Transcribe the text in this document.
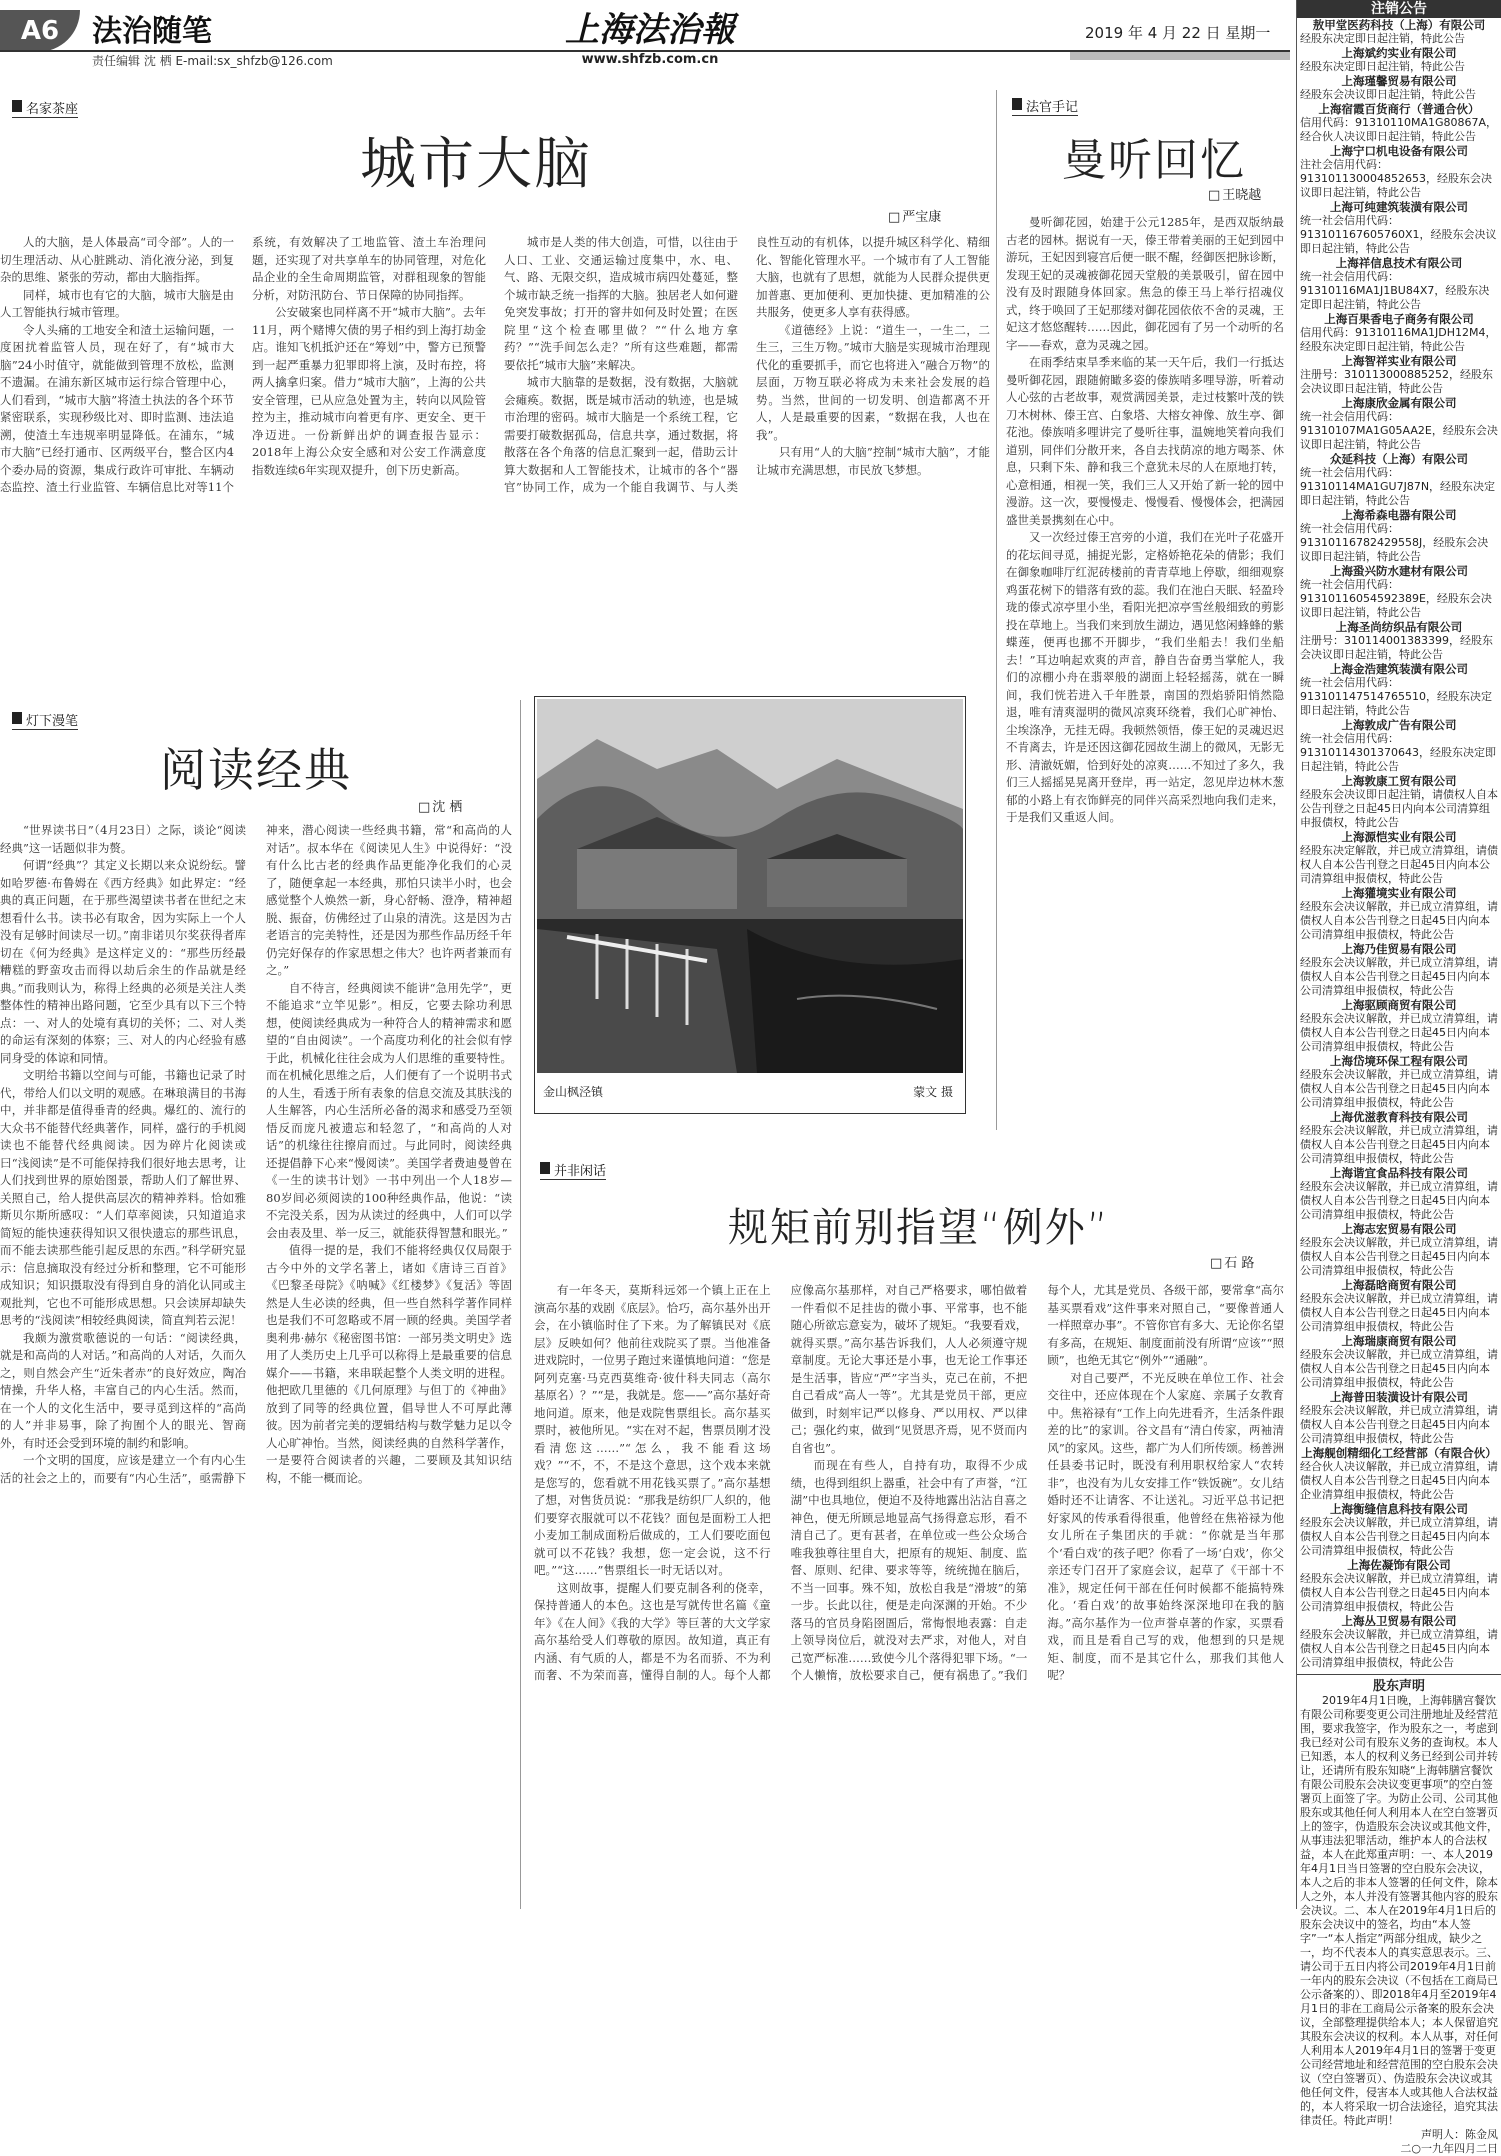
A6	法治随笔
责任编辑 沈 栖 E-mail:sx_shfzb@126.com
上海法治報
www.shfzb.com.cn
2019 年 4 月 22 日 星期一
名家茶座
城市大脑
□ 严宝康

人的大脑，是人体最高“司令部”。人的一切生理活动、从心脏跳动、消化液分泌，到复杂的思维、紧张的劳动，都由大脑指挥。

同样，城市也有它的大脑，城市大脑是由人工智能执行城市管理。

令人头痛的工地安全和渣土运输问题，一度困扰着监管人员，现在好了，有“城市大脑”24小时值守，就能做到管理不放松，监测不遗漏。在浦东新区城市运行综合管理中心，人们看到，“城市大脑”将渣土执法的各个环节紧密联系，实现秒级比对、即时监测、违法追溯，使渣土车违规率明显降低。在浦东，“城市大脑”已经打通市、区两级平台，整合区内4个委办局的资源，集成行政许可审批、车辆动态监控、渣土行业监管、车辆信息比对等11个系统，有效解决了工地监管、渣土车治理问题，还实现了对共享单车的协同管理，对危化品企业的全生命周期监管，对群租现象的智能分析，对防汛防台、节日保障的协同指挥。

公安破案也同样离不开“城市大脑”。去年11月，两个赌博欠债的男子相约到上海打劫金店。谁知飞机抵沪还在“筹划”中，警方已预警到一起严重暴力犯罪即将上演，及时布控，将两人擒拿归案。借力“城市大脑”，上海的公共安全管理，已从应急处置为主，转向以风险管控为主，推动城市向着更有序、更安全、更干净迈进。一份新鲜出炉的调查报告显示：2018年上海公众安全感和对公安工作满意度指数连续6年实现双提升，创下历史新高。

城市是人类的伟大创造，可惜，以往由于人口、工业、交通运输过度集中，水、电、气、路、无限交织，造成城市病四处蔓延，整个城市缺乏统一指挥的大脑。独居老人如何避免突发事故；打开的窨井如何及时处置；在医院里“这个检查哪里做？”“什么地方拿药？”“洗手间怎么走？”所有这些难题，都需要依托“城市大脑”来解决。

城市大脑靠的是数据，没有数据，大脑就会瘫痪。数据，既是城市活动的轨迹，也是城市治理的密码。城市大脑是一个系统工程，它需要打破数据孤岛，信息共享，通过数据，将散落在各个角落的信息汇聚到一起，借助云计算大数据和人工智能技术，让城市的各个“器官”协同工作，成为一个能自我调节、与人类良性互动的有机体，以提升城区科学化、精细化、智能化管理水平。一个城市有了人工智能大脑，也就有了思想，就能为人民群众提供更加普惠、更加便利、更加快捷、更加精准的公共服务，使更多人享有获得感。

《道德经》上说：“道生一，一生二，二生三，三生万物。”城市大脑是实现城市治理现代化的重要抓手，而它也将进入“融合万物”的层面，万物互联必将成为未来社会发展的趋势。当然，世间的一切发明、创造都离不开人，人是最重要的因素，“数据在我，人也在我”。

只有用“人的大脑”控制“城市大脑”，才能让城市充满思想，市民放飞梦想。

法官手记
曼听回忆
□ 王晓越

曼听御花园，始建于公元1285年，是西双版纳最古老的园林。据说有一天，傣王带着美丽的王妃到园中游玩，王妃因到寝宫后便一眠不醒，经御医把脉诊断，发现王妃的灵魂被御花园天堂般的美景吸引，留在园中没有及时跟随身体回家。焦急的傣王马上举行招魂仪式，终于唤回了王妃那缕对御花园依依不舍的灵魂，王妃这才悠悠醒转……因此，御花园有了另一个动听的名字——春欢，意为灵魂之园。

在雨季结束旱季来临的某一天午后，我们一行抵达曼听御花园，跟随俯瞰多姿的傣族哨多哩导游，听着动人心弦的古老故事，观赏满园美景，走过枝繁叶茂的铁刀木树林、傣王宫、白象塔、大榕女神像、放生亭、御花池。傣族哨多哩讲完了曼听往事，温婉地笑着向我们道别，同伴们分散开来，各自去找荫凉的地方喝茶、休息，只剩下朱、静和我三个意犹未尽的人在原地打转，心意相通，相视一笑，我们三人又开始了新一轮的园中漫游。这一次，要慢慢走、慢慢看、慢慢体会，把满园盛世美景携刻在心中。

又一次经过傣王宫旁的小道，我们在光叶子花盛开的花坛间寻觅，捕捉光影，定格娇艳花朵的倩影；我们在御象咖啡厅红泥砖楼前的青青草地上停歇，细细观察鸡蛋花树下的错落有致的蕊。我们在池白天眠、轻盈玲珑的傣式凉亭里小坐，看阳光把凉亭雪丝般细致的剪影投在草地上。当我们来到放生湖边，遇见悠闲蜂蜂的紫蝶莲，便再也挪不开脚步，“我们坐船去！我们坐船去！”耳边响起欢爽的声音，静自告奋勇当掌舵人，我们的凉棚小舟在翡翠般的湖面上轻轻摇荡，就在一瞬间，我们恍若进入千年胜景，南国的烈焰骄阳悄然隐退，唯有清爽湿明的微风凉爽环绕着，我们心旷神怡、尘埃涤净，无挂无碍。我顿然领悟，傣王妃的灵魂迟迟不肯离去，许是还因这御花园故生湖上的微风，无影无形、清澈妩媚，恰到好处的凉爽……不知过了多久，我们三人摇摇晃晃离开登岸，再一站定，忽见岸边林木葱郁的小路上有衣饰鲜亮的同伴兴高采烈地向我们走来，于是我们又重返人间。

灯下漫笔
阅读经典
□ 沈 栖

“世界读书日”（4月23日）之际，谈论“阅读经典”这一话题似非为赘。

何谓“经典”？其定义长期以来众说纷纭。譬如哈罗德·布鲁姆在《西方经典》如此界定：“经典的真正问题，在于那些渴望读书者在世纪之末想看什么书。读书必有取舍，因为实际上一个人没有足够时间读尽一切。”南非诺贝尔奖获得者库切在《何为经典》是这样定义的：“那些历经最糟糕的野蛮攻击而得以劫后余生的作品就是经典。”而我则认为，称得上经典的必须是关注人类整体性的精神出路问题，它至少具有以下三个特点：一、对人的处境有真切的关怀；二、对人类的命运有深刻的体察；三、对人的内心经验有感同身受的体谅和同情。

文明给书籍以空间与可能，书籍也记录了时代，带给人们以文明的观感。在琳琅满目的书海中，并非都是值得垂青的经典。爆红的、流行的大众书不能替代经典著作，同样，盛行的手机阅读也不能替代经典阅读。因为碎片化阅读或曰“浅阅读”是不可能保持我们很好地去思考，让人们找到世界的原始图景，帮助人们了解世界、关照自己，给人提供高层次的精神养料。恰如雅斯贝尔斯所感叹：“人们草率阅读，只知道追求简短的能快速获得知识又很快遗忘的那些讯息，而不能去读那些能引起反思的东西。”科学研究显示：信息摘取没有经过分析和整理，它不可能形成知识；知识摄取没有得到自身的消化认同或主观批判，它也不可能形成思想。只会读屏却缺失思考的“浅阅读”相较经典阅读，简直判若云泥！

我颇为激赏歌德说的一句话：“阅读经典，就是和高尚的人对话。”和高尚的人对话，久而久之，则自然会产生“近朱者赤”的良好效应，陶冶情操，升华人格，丰富自己的内心生活。然而，在一个人的文化生活中，要寻觅到这样的“高尚的人”并非易事，除了拘囿个人的眼光、智商外，有时还会受到环境的制约和影响。

一个文明的国度，应该是建立一个有内心生活的社会之上的，而要有“内心生活”，亟需静下神来，潜心阅读一些经典书籍，常“和高尚的人对话”。叔本华在《阅读见人生》中说得好：“没有什么比古老的经典作品更能净化我们的心灵了，随便拿起一本经典，那怕只读半小时，也会感觉整个人焕然一新，身心舒畅、澄净，精神超脱、振奋，仿佛经过了山泉的清洗。这是因为古老语言的完美特性，还是因为那些作品历经千年仍完好保存的作家思想之伟大？也许两者兼而有之。”

自不待言，经典阅读不能讲“急用先学”，更不能追求“立竿见影”。相反，它要去除功利思想，使阅读经典成为一种符合人的精神需求和愿望的“自由阅读”。一个高度功利化的社会似有悖于此，机械化往往会成为人们思维的重要特性。而在机械化思维之后，人们便有了一个说明书式的人生，看透于所有表象的信息交流及其肤浅的人生解答，内心生活所必备的渴求和感受乃至领悟反而庞凡被遗忘和轻忽了，“和高尚的人对话”的机缘往往擦肩而过。与此同时，阅读经典还提倡静下心来“慢阅读”。美国学者费迪曼曾在《一生的读书计划》一书中列出一个人18岁—80岁间必须阅读的100种经典作品，他说：“读不完没关系，因为从读过的经典中，人们可以学会由表及里、举一反三，就能获得智慧和眼光。”

值得一提的是，我们不能将经典仅仅局限于古今中外的文学名著上，诸如《唐诗三百首》《巴黎圣母院》《呐喊》《红楼梦》《复活》等固然是人生必读的经典，但一些自然科学著作同样也是我们不可忽略或不屑一顾的经典。美国学者奥利弗·赫尔《秘密图书馆：一部另类文明史》选用了人类历史上几乎可以称得上是最重要的信息媒介——书籍，来串联起整个人类文明的进程。他把欧几里德的《几何原理》与但丁的《神曲》放到了同等的经典位置，倡导世人不可厚此薄彼。因为前者完美的逻辑结构与数学魅力足以令人心旷神怡。当然，阅读经典的自然科学著作，一是要符合阅读者的兴趣，二要顾及其知识结构，不能一概而论。

金山枫泾镇	蒙文 摄
并非闲话
规矩前别指望“例外”
□ 石 路

有一年冬天，莫斯科远郊一个镇上正在上演高尔基的戏剧《底层》。恰巧，高尔基外出开会，在小镇临时住了下来。为了解镇民对《底层》反映如何？他前往戏院买了票。当他准备进戏院时，一位男子跑过来谨慎地问道：“您是阿列克塞·马克西莫维奇·彼什科夫同志（高尔基原名）？”“是，我就是。您——”高尔基好奇地问道。原来，他是戏院售票组长。高尔基买票时，被他所见。“实在对不起，售票员刚才没看清您这……”“怎么，我不能看这场戏？”“不，不，不是这个意思，这个戏本来就是您写的，您看就不用花钱买票了。”高尔基想了想，对售货员说：“那我是纺织厂人织的，他们要穿衣服就可以不花钱？面包是面粉工人把小麦加工制成面粉后做成的，工人们要吃面包就可以不花钱？我想，您一定会说，这不行吧。”“这……”售票组长一时无话以对。

这则故事，提醒人们要克制各利的侥幸，保持普通人的本色。这也是写就传世名篇《童年》《在人间》《我的大学》等巨著的大文学家高尔基给受人们尊敬的原因。故知道，真正有内涵、有气质的人，都是不为名而骄、不为利而奢、不为荣而喜，懂得自制的人。每个人都应像高尔基那样，对自己严格要求，哪怕做着一件看似不足挂齿的微小事、平常事，也不能随心所欲忘意妄为，破坏了规矩。“我要看戏，就得买票。”高尔基告诉我们，人人必须遵守规章制度。无论大事还是小事，也无论工作事还是生活事，皆应“严”字当头，克己在前，不把自己看成“高人一等”。尤其是党员干部，更应做到，时刻牢记严以修身、严以用权、严以律己；强化约束，做到“见贤思齐焉，见不贤而内自省也”。

而现在有些人，自持有功，取得不少成绩，也得到组织上器重，社会中有了声誉，“江湖”中也具地位，便迫不及待地露出沾沾自喜之神色，便无所顾忌地显高气扬得意忘形，看不清自己了。更有甚者，在单位或一些公众场合唯我独尊往里自大，把原有的规矩、制度、监督、原则、纪律、要求等等，统统抛在脑后，不当一回事。殊不知，放松自我是“滑坡”的第一步。长此以往，便是走向深渊的开始。不少落马的官员身陷囹圄后，常悔恨地表露：自走上领导岗位后，就没对去严求，对他人，对自己宽严标准……致使今儿个落得犯罪下场。“一个人懒惰，放松要求自己，便有祸患了。”我们每个人，尤其是党员、各级干部，要常拿“高尔基买票看戏”这件事来对照自己，“要像普通人一样照章办事”。不管你官有多大、无论你名望有多高，在规矩、制度面前没有所谓“应该”“照顾”，也绝无其它“例外”“通融”。

对自己要严，不光反映在单位工作、社会交往中，还应体现在个人家庭、亲属子女教育中。焦裕禄有“工作上向先进看齐，生活条件跟差的比”的家训。谷文昌有“清白传家，两袖清风”的家风。这些，都广为人们所传颂。杨善洲任县委书记时，既没有利用职权给家人“农转非”，也没有为儿女安排工作“铁饭碗”。女儿结婚时还不让请客、不让送礼。习近平总书记把好家风的传承看得很重，他曾经在焦裕禄为他女儿所在子集团庆的手就：“你就是当年那个‘看白戏’的孩子吧？你看了一场‘白戏’，你父亲还专门召开了家庭会议，起草了《干部十不准》，规定任何干部在任何时候都不能搞特殊化。‘看白戏’的故事始终深深地印在我的脑海。”高尔基作为一位声誉卓著的作家，买票看戏，而且是看自己写的戏，他想到的只是规矩、制度，而不是其它什么，那我们其他人呢？

注销公告
敖甲堂医药科技（上海）有限公司
经股东决定即日起注销，特此公告
上海斌约实业有限公司
经股东决定即日起注销，特此公告
上海瑾馨贸易有限公司
经股东会决议即日起注销，特此公告
上海宿霞百货商行（普通合伙）
信用代码：91310110MA1G80867A，经合伙人决议即日起注销，特此公告
上海宁口机电设备有限公司
注社会信用代码：913101130004852653，经股东会决议即日起注销，特此公告
上海可纯建筑装潢有限公司
统一社会信用代码：913101167605760X1，经股东会决议即日起注销，特此公告
上海祥信息技术有限公司
统一社会信用代码：91310116MA1J1BU84X7，经股东决定即日起注销，特此公告
上海百果香电子商务有限公司
信用代码：91310116MA1JDH12M4，经股东决定即日起注销，特此公告
上海智祥实业有限公司
注册号：310113000885252，经股东会决议即日起注销，特此公告
上海康欣金属有限公司
统一社会信用代码：91310107MA1G05AA2E，经股东会决议即日起注销，特此公告
众延科技（上海）有限公司
统一社会信用代码：91310114MA1GU7J87N，经股东决定即日起注销，特此公告
上海希森电器有限公司
统一社会信用代码：91310116782429558J，经股东会决议即日起注销，特此公告
上海蛩兴防水建材有限公司
统一社会信用代码：91310116054592389E，经股东会决议即日起注销，特此公告
上海圣尚纺织品有限公司
注册号：310114001383399，经股东会决议即日起注销，特此公告
上海金浩建筑装潢有限公司
统一社会信用代码：913101147514765510，经股东决定即日起注销，特此公告
上海敦成广告有限公司
统一社会信用代码：91310114301370643，经股东决定即日起注销，特此公告
上海敦康工贸有限公司
经股东会决议即日起注销，请债权人自本公告刊登之日起45日内向本公司清算组申报债权，特此公告
上海源恺实业有限公司
经股东决定解散，并已成立清算组，请债权人自本公告刊登之日起45日内向本公司清算组申报债权，特此公告
上海獾境实业有限公司
经股东会决议解散，并已成立清算组，请债权人自本公告刊登之日起45日内向本公司清算组申报债权，特此公告
上海乃佳贸易有限公司
经股东会决议解散，并已成立清算组，请债权人自本公告刊登之日起45日内向本公司清算组申报债权，特此公告
上海驱顾商贸有限公司
经股东会决议解散，并已成立清算组，请债权人自本公告刊登之日起45日内向本公司清算组申报债权，特此公告
上海岱境环保工程有限公司
经股东会决议解散，并已成立清算组，请债权人自本公告刊登之日起45日内向本公司清算组申报债权，特此公告
上海优滋教育科技有限公司
经股东会决议解散，并已成立清算组，请债权人自本公告刊登之日起45日内向本公司清算组申报债权，特此公告
上海谐宜食品科技有限公司
经股东会决议解散，并已成立清算组，请债权人自本公告刊登之日起45日内向本公司清算组申报债权，特此公告
上海志宏贸易有限公司
经股东会决议解散，并已成立清算组，请债权人自本公告刊登之日起45日内向本公司清算组申报债权，特此公告
上海磊晗商贸有限公司
经股东会决议解散，并已成立清算组，请债权人自本公告刊登之日起45日内向本公司清算组申报债权，特此公告
上海瑞康商贸有限公司
经股东会决议解散，并已成立清算组，请债权人自本公告刊登之日起45日内向本公司清算组申报债权，特此公告
上海普田装潢设计有限公司
经股东会决议解散，并已成立清算组，请债权人自本公告刊登之日起45日内向本公司清算组申报债权，特此公告
上海舰创精细化工经营部（有限合伙）
经合伙人决议解散，并已成立清算组，请债权人自本公告刊登之日起45日内向本企业清算组申报债权，特此公告
上海衡缝信息科技有限公司
经股东会决议解散，并已成立清算组，请债权人自本公告刊登之日起45日内向本公司清算组申报债权，特此公告
上海佐凝饰有限公司
经股东会决议解散，并已成立清算组，请债权人自本公告刊登之日起45日内向本公司清算组申报债权，特此公告
上海丛卫贸易有限公司
经股东会决议解散，并已成立清算组，请债权人自本公告刊登之日起45日内向本公司清算组申报债权，特此公告
股东声明
2019年4月1日晚，上海韩膳宫餐饮有限公司称要变更公司注册地址及经营范围，要求我签字，作为股东之一，考虑到我已经对公司有股东义务的查询权。本人已知悉，本人的权利义务已经到公司并转让，还请所有股东知晓“上海韩膳宫餐饮有限公司股东会决议变更事项”的空白签署页上面签了字。为防止公司、公司其他股东或其他任何人利用本人在空白签署页上的签字，伪造股东会决议或其他文件，从事违法犯罪活动，维护本人的合法权益，本人在此郑重声明：一、本人2019年4月1日当日签署的空白股东会决议，本人之后的非本人签署的任何文件，除本人之外，本人并没有签署其他内容的股东会决议。二、本人在2019年4月1日后的股东会决议中的签名，均由“本人签字”一“本人指定”两部分组成，缺少之一，均不代表本人的真实意思表示。三、请公司于五日内将公司2019年4月1日前一年内的股东会决议（不包括在工商局已公示备案的）、即2018年4月至2019年4月1日的非在工商局公示备案的股东会决议，全部整理提供给本人；本人保留追究其股东会决议的权利。本人从事，对任何人利用本人2019年4月1日的签署于变更公司经营地址和经营范围的空白股东会决议（空白签署页）、伪造股东会决议或其他任何文件，侵害本人或其他人合法权益的，本人将采取一切合法途径，追究其法律责任。特此声明！
声明人：陈金凤
二○一九年四月二日
